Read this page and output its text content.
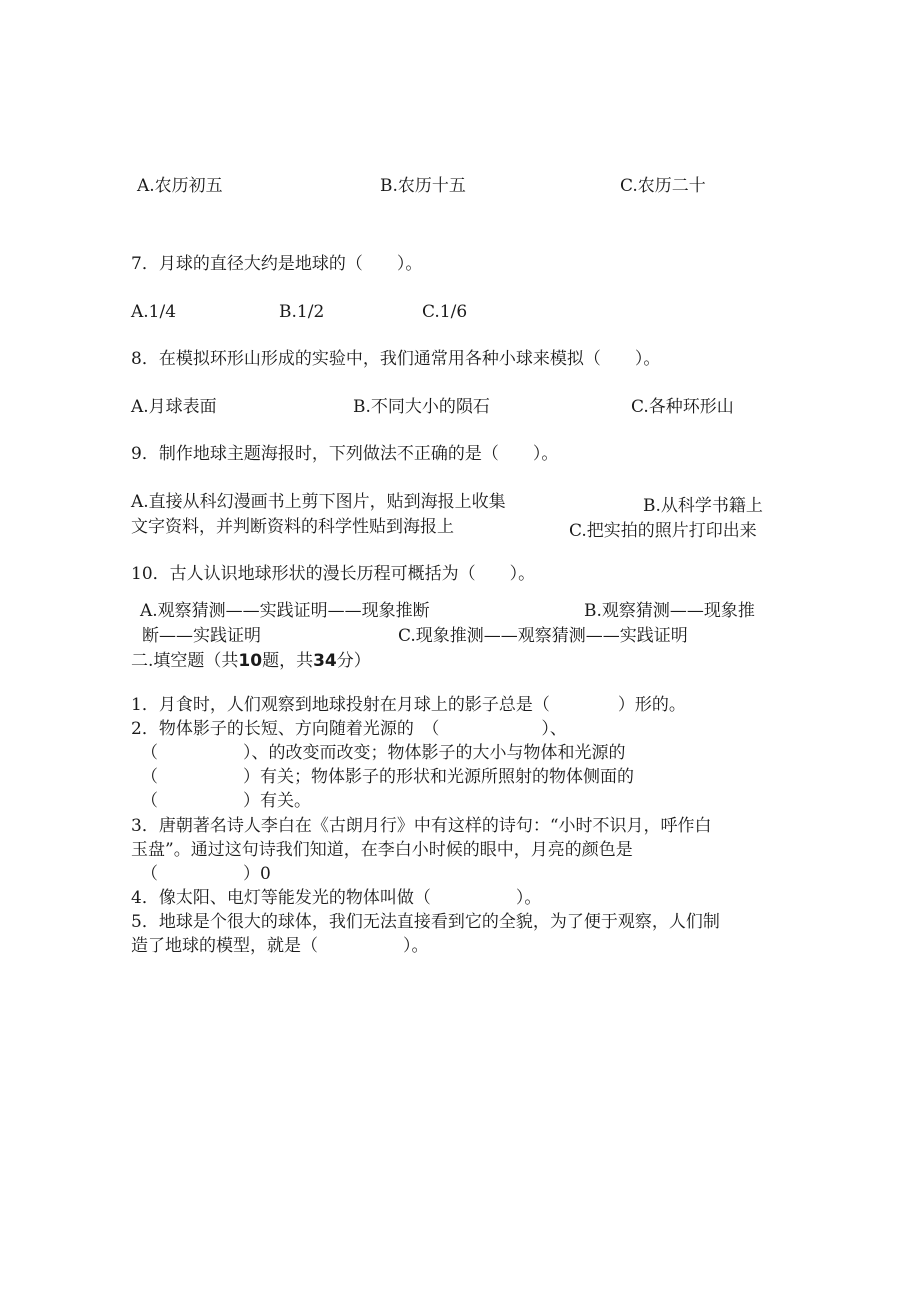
A.农历初五	B.农历十五	C.农历二十
7．月球的直径大约是地球的（　　）。
A.1/4	B.1/2	C.1/6
8．在模拟环形山形成的实验中，我们通常用各种小球来模拟（　　）。
A.月球表面	B.不同大小的陨石	C.各种环形山
9．制作地球主题海报时，下列做法不正确的是（　　）。
A.直接从科幻漫画书上剪下图片，贴到海报上收集	B.从科学书籍上
文字资料，并判断资料的科学性贴到海报上	C.把实拍的照片打印出来
10．古人认识地球形状的漫长历程可概括为（　　）。
A.观察猜测——实践证明——现象推断	B.观察猜测——现象推
断——实践证明	C.现象推测——观察猜测——实践证明
二.填空题（共10题，共34分）
1．月食时，人们观察到地球投射在月球上的影子总是（　　　　）形的。
2．物体影子的长短、方向随着光源的　（　　　　　　）、
（　　　　　）、的改变而改变；物体影子的大小与物体和光源的
（　　　　　）有关；物体影子的形状和光源所照射的物体侧面的
（　　　　　）有关。
3．唐朝著名诗人李白在《古朗月行》中有这样的诗句：“小时不识月，呼作白
玉盘”。通过这句诗我们知道，在李白小时候的眼中，月亮的颜色是
（　　　　　）0
4．像太阳、电灯等能发光的物体叫做（　　　　　）。
5．地球是个很大的球体，我们无法直接看到它的全貌，为了便于观察，人们制
造了地球的模型，就是（　　　　　）。
